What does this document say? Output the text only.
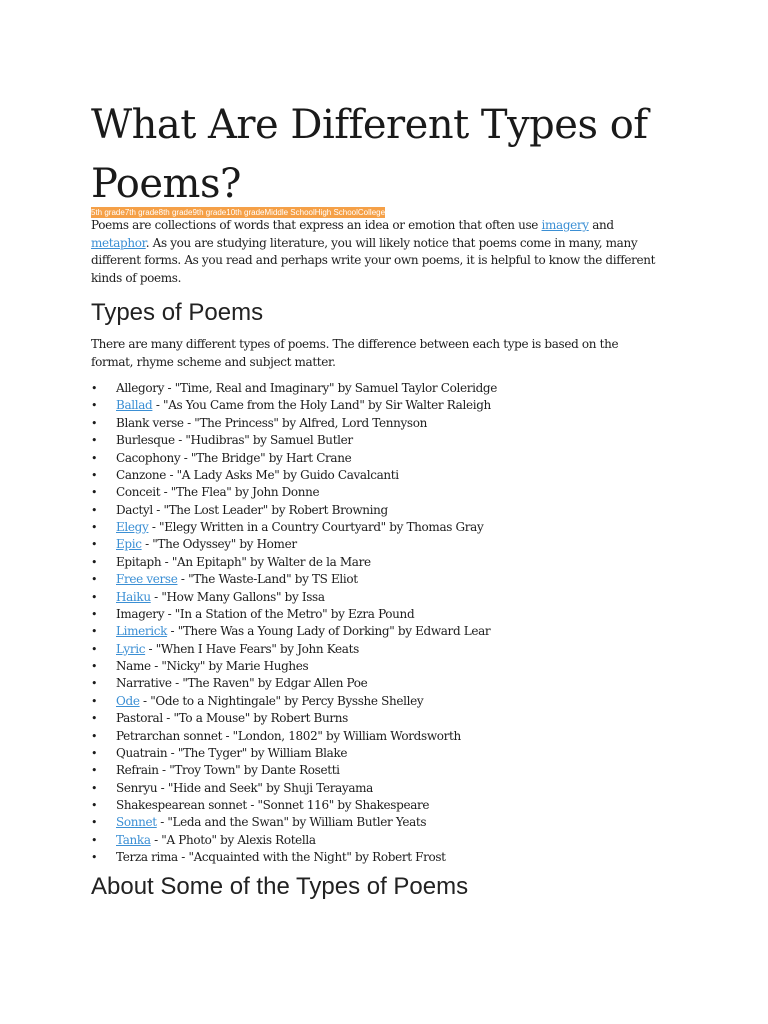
What Are Different Types of Poems?
5th grade 7th grade 8th grade 9th grade 10th grade Middle School High School College

Poems are collections of words that express an idea or emotion that often use imagery and metaphor. As you are studying literature, you will likely notice that poems come in many, many different forms. As you read and perhaps write your own poems, it is helpful to know the different kinds of poems.

Types of Poems

There are many different types of poems. The difference between each type is based on the format, rhyme scheme and subject matter.

• Allegory - "Time, Real and Imaginary" by Samuel Taylor Coleridge
• Ballad - "As You Came from the Holy Land" by Sir Walter Raleigh
• Blank verse - "The Princess" by Alfred, Lord Tennyson
• Burlesque - "Hudibras" by Samuel Butler
• Cacophony - "The Bridge" by Hart Crane
• Canzone - "A Lady Asks Me" by Guido Cavalcanti
• Conceit - "The Flea" by John Donne
• Dactyl - "The Lost Leader" by Robert Browning
• Elegy - "Elegy Written in a Country Courtyard" by Thomas Gray
• Epic - "The Odyssey" by Homer
• Epitaph - "An Epitaph" by Walter de la Mare
• Free verse - "The Waste-Land" by TS Eliot
• Haiku - "How Many Gallons" by Issa
• Imagery - "In a Station of the Metro" by Ezra Pound
• Limerick - "There Was a Young Lady of Dorking" by Edward Lear
• Lyric - "When I Have Fears" by John Keats
• Name - "Nicky" by Marie Hughes
• Narrative - "The Raven" by Edgar Allen Poe
• Ode - "Ode to a Nightingale" by Percy Bysshe Shelley
• Pastoral - "To a Mouse" by Robert Burns
• Petrarchan sonnet - "London, 1802" by William Wordsworth
• Quatrain - "The Tyger" by William Blake
• Refrain - "Troy Town" by Dante Rosetti
• Senryu - "Hide and Seek" by Shuji Terayama
• Shakespearean sonnet - "Sonnet 116" by Shakespeare
• Sonnet - "Leda and the Swan" by William Butler Yeats
• Tanka - "A Photo" by Alexis Rotella
• Terza rima - "Acquainted with the Night" by Robert Frost
About Some of the Types of Poems
